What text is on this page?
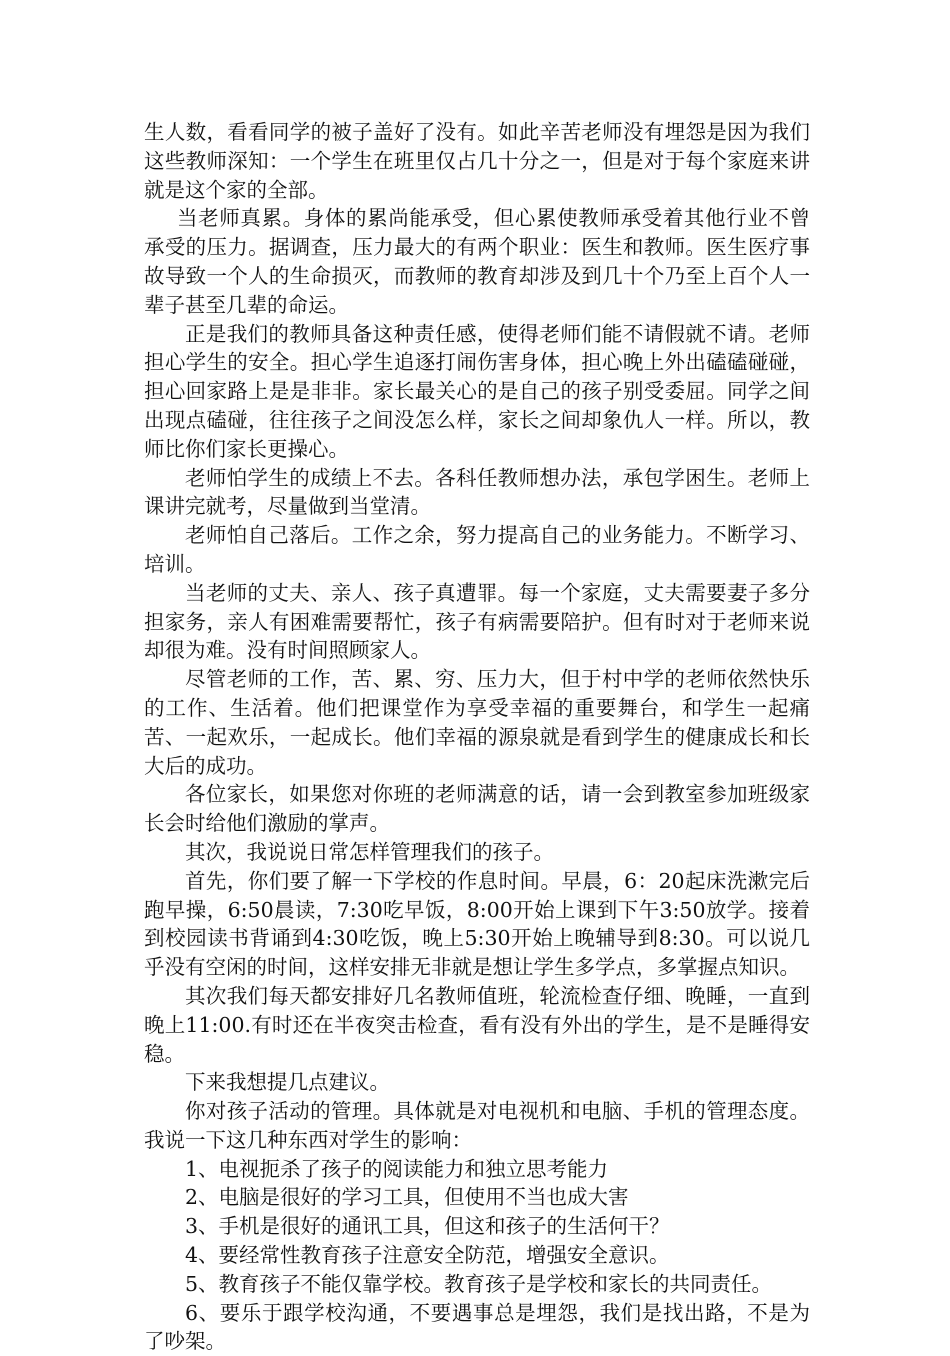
生人数，看看同学的被子盖好了没有。如此辛苦老师没有埋怨是因为我们这些教师深知：一个学生在班里仅占几十分之一，但是对于每个家庭来讲就是这个家的全部。

当老师真累。身体的累尚能承受，但心累使教师承受着其他行业不曾承受的压力。据调查，压力最大的有两个职业：医生和教师。医生医疗事故导致一个人的生命损灭，而教师的教育却涉及到几十个乃至上百个人一辈子甚至几辈的命运。

正是我们的教师具备这种责任感，使得老师们能不请假就不请。老师担心学生的安全。担心学生追逐打闹伤害身体，担心晚上外出磕磕碰碰，担心回家路上是是非非。家长最关心的是自己的孩子别受委屈。同学之间出现点磕碰，往往孩子之间没怎么样，家长之间却象仇人一样。所以，教师比你们家长更操心。

老师怕学生的成绩上不去。各科任教师想办法，承包学困生。老师上课讲完就考，尽量做到当堂清。

老师怕自己落后。工作之余，努力提高自己的业务能力。不断学习、培训。

当老师的丈夫、亲人、孩子真遭罪。每一个家庭，丈夫需要妻子多分担家务，亲人有困难需要帮忙，孩子有病需要陪护。但有时对于老师来说却很为难。没有时间照顾家人。

尽管老师的工作，苦、累、穷、压力大，但于村中学的老师依然快乐的工作、生活着。他们把课堂作为享受幸福的重要舞台，和学生一起痛苦、一起欢乐，一起成长。他们幸福的源泉就是看到学生的健康成长和长大后的成功。

各位家长，如果您对你班的老师满意的话，请一会到教室参加班级家长会时给他们激励的掌声。

其次，我说说日常怎样管理我们的孩子。

首先，你们要了解一下学校的作息时间。早晨，6：20起床洗漱完后跑早操，6:50晨读，7:30吃早饭，8:00开始上课到下午3:50放学。接着到校园读书背诵到4:30吃饭，晚上5:30开始上晚辅导到8:30。可以说几乎没有空闲的时间，这样安排无非就是想让学生多学点，多掌握点知识。

其次我们每天都安排好几名教师值班，轮流检查仔细、晚睡，一直到晚上11:00.有时还在半夜突击检查，看有没有外出的学生，是不是睡得安稳。

下来我想提几点建议。

你对孩子活动的管理。具体就是对电视机和电脑、手机的管理态度。我说一下这几种东西对学生的影响：

1、电视扼杀了孩子的阅读能力和独立思考能力

2、电脑是很好的学习工具，但使用不当也成大害

3、手机是很好的通讯工具，但这和孩子的生活何干？

4、要经常性教育孩子注意安全防范，增强安全意识。

5、教育孩子不能仅靠学校。教育孩子是学校和家长的共同责任。

6、要乐于跟学校沟通，不要遇事总是埋怨，我们是找出路，不是为了吵架。
